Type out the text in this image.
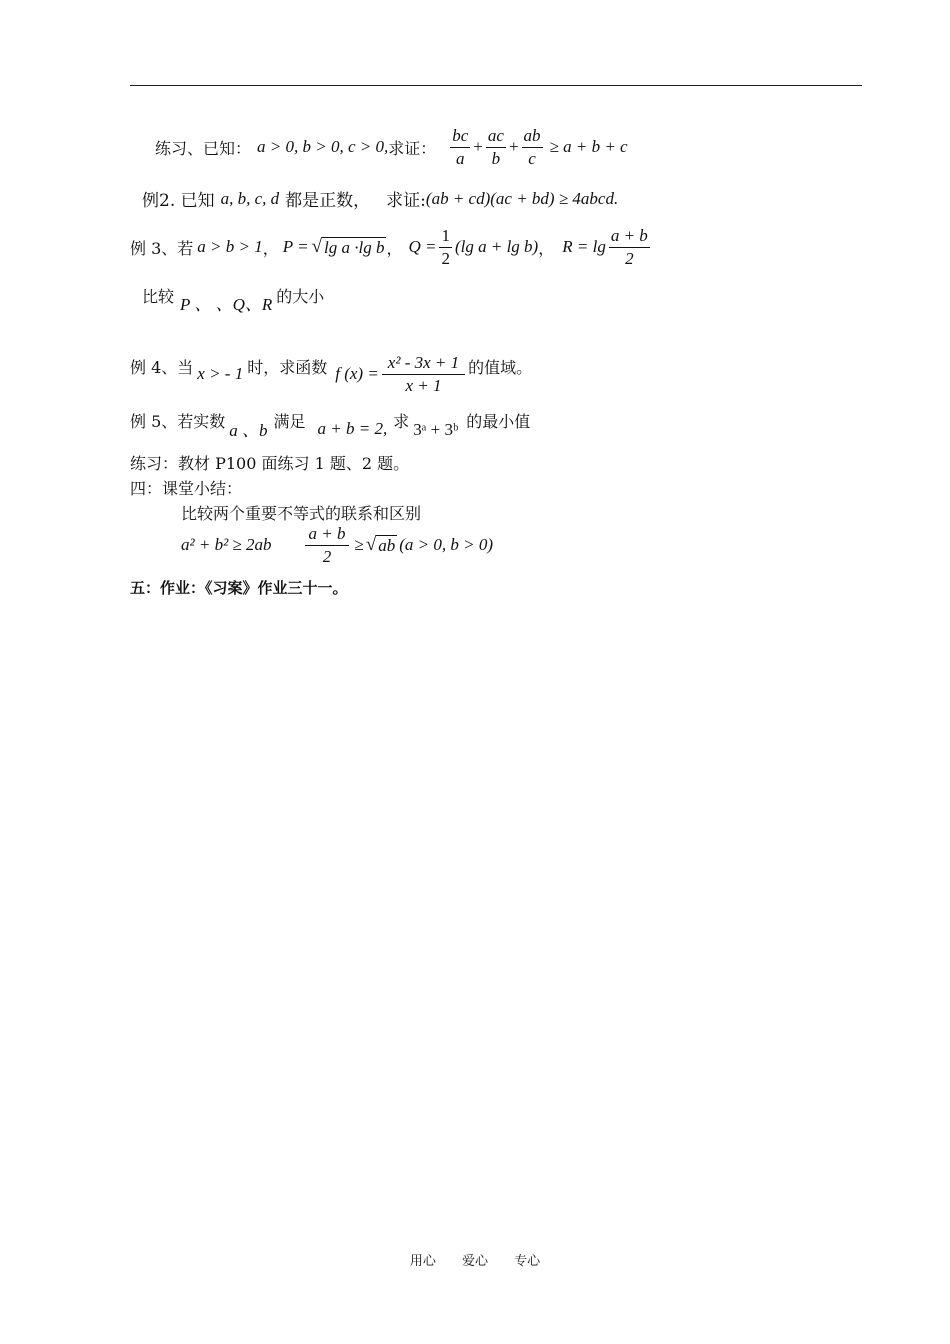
练习、已知： a > 0, b > 0, c > 0, 求证： $\frac{bc}{a} + \frac{ac}{b} + \frac{ab}{c} \ge a + b + c$
例2. 已知 a, b, c, d 都是正数， 求证: (ab + cd)(ac + bd) ≥ 4abcd.
例 3、若 a > b > 1 ， P = √ lg a ·lg b ， $Q = \frac{1}{2} (\lg$ a + lg b) ， $R = \lg \frac{a + b}{2}$
比较 P 、 、Q、R 的大小
例 4、当 x > - 1 时，求函数 f $(x) = \frac{\text{x² - 3x + 1}}{x + 1}$ 的值域。
例 5、若实数 a 、b 满足 a + b = 2, 求 3ᵃ + 3ᵇ 的最小值
练习：教材 P100 面练习 1 题、2 题。
四：课堂小结：
比较两个重要不等式的联系和区别
$a^2 + b^2 \ge 2ab \frac{a + b}{2}$ ≥ √ ab (a > 0, b > 0)
五：作业：《习案》作业三十一。
用心 爱心 专心
